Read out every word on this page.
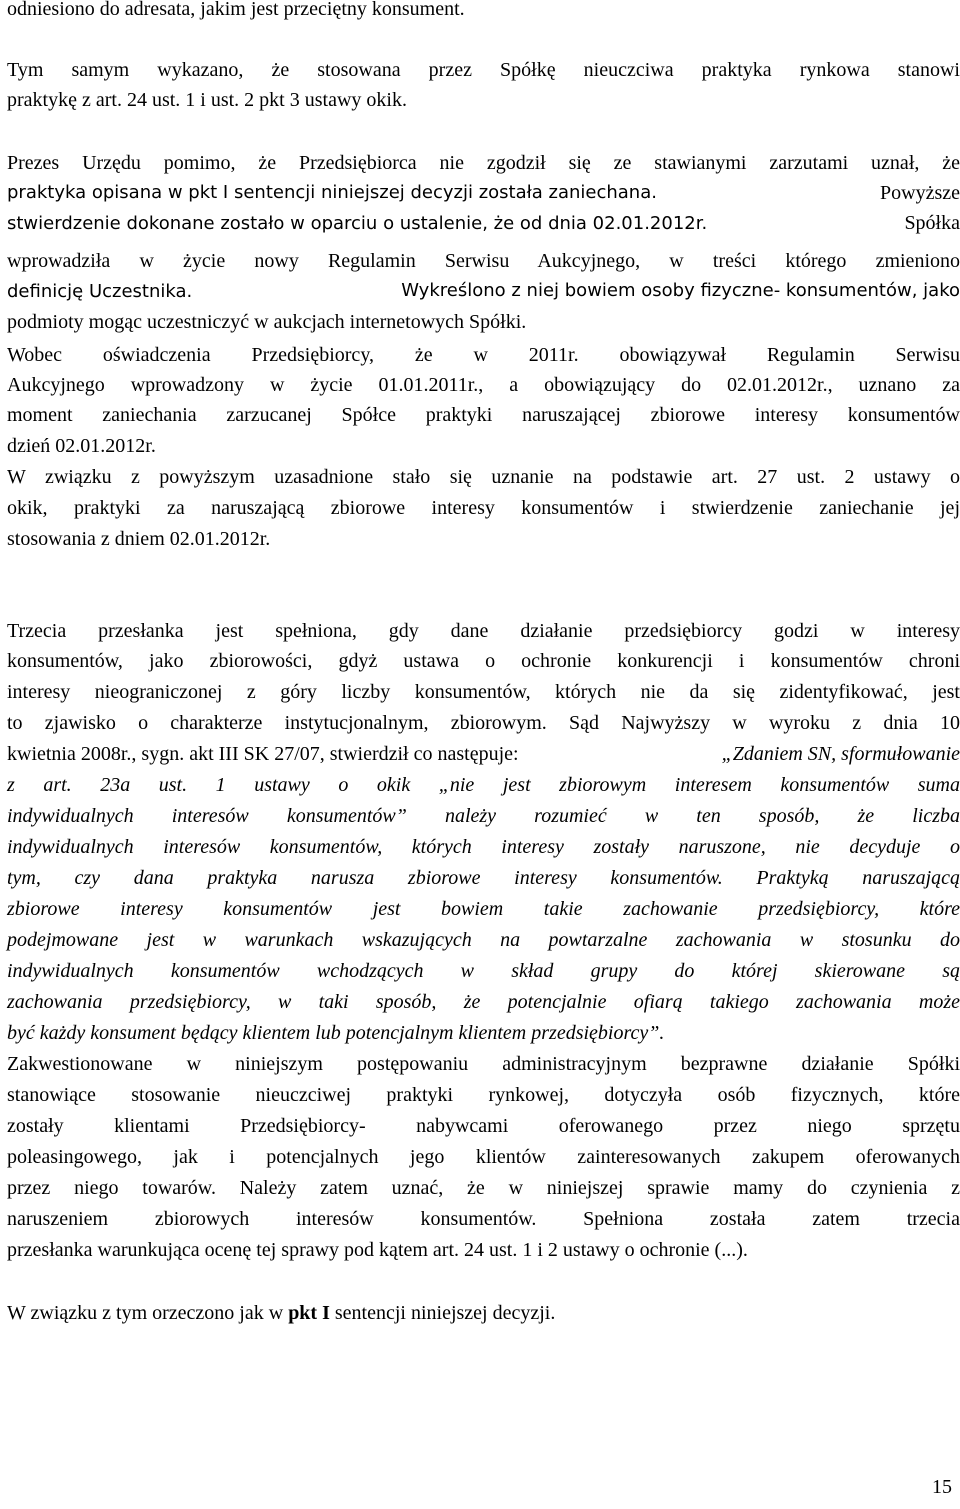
odniesiono do adresata, jakim jest przeciętny konsument.
Tym samym wykazano, że stosowana przez Spółkę nieuczciwa praktyka rynkowa stanowi
praktykę z art. 24 ust. 1 i ust. 2 pkt 3 ustawy okik.
Prezes Urzędu pomimo, że Przedsiębiorca nie zgodził się ze stawianymi zarzutami uznał, że
praktyka opisana w pkt I sentencji niniejszej decyzji została zaniechana.	Powyższe
stwierdzenie dokonane zostało w oparciu o ustalenie, że od dnia 02.01.2012r.	Spółka
wprowadziła w życie nowy Regulamin Serwisu Aukcyjnego, w treści którego zmieniono
definicję Uczestnika.	Wykreślono z niej bowiem osoby fizyczne- konsumentów, jako
podmioty mogąc uczestniczyć w aukcjach internetowych Spółki.
Wobec oświadczenia Przedsiębiorcy, że w 2011r. obowiązywał Regulamin Serwisu
Aukcyjnego wprowadzony w życie 01.01.2011r., a obowiązujący do 02.01.2012r., uznano za
moment zaniechania zarzucanej Spółce praktyki naruszającej zbiorowe interesy konsumentów
dzień 02.01.2012r.
W związku z powyższym uzasadnione stało się uznanie na podstawie art. 27 ust. 2 ustawy o
okik, praktyki za naruszającą zbiorowe interesy konsumentów i stwierdzenie zaniechanie jej
stosowania z dniem 02.01.2012r.
Trzecia przesłanka jest spełniona, gdy dane działanie przedsiębiorcy godzi w interesy
konsumentów, jako zbiorowości, gdyż ustawa o ochronie konkurencji i konsumentów chroni
interesy nieograniczonej z góry liczby konsumentów, których nie da się zidentyfikować, jest
to zjawisko o charakterze instytucjonalnym, zbiorowym. Sąd Najwyższy w wyroku z dnia 10
kwietnia 2008r., sygn. akt III SK 27/07, stwierdził co następuje:	„Zdaniem SN, sformułowanie
z art. 23a ust. 1 ustawy o okik „nie jest zbiorowym interesem konsumentów suma
indywidualnych interesów konsumentów” należy rozumieć w ten sposób, że liczba
indywidualnych interesów konsumentów, których interesy zostały naruszone, nie decyduje o
tym, czy dana praktyka narusza zbiorowe interesy konsumentów. Praktyką naruszającą
zbiorowe interesy konsumentów jest bowiem takie zachowanie przedsiębiorcy, które
podejmowane jest w warunkach wskazujących na powtarzalne zachowania w stosunku do
indywidualnych konsumentów wchodzących w skład grupy do której skierowane są
zachowania przedsiębiorcy, w taki sposób, że potencjalnie ofiarą takiego zachowania może
być każdy konsument będący klientem lub potencjalnym klientem przedsiębiorcy”.
Zakwestionowane w niniejszym postępowaniu administracyjnym bezprawne działanie Spółki
stanowiące stosowanie nieuczciwej praktyki rynkowej, dotyczyła osób fizycznych, które
zostały klientami Przedsiębiorcy- nabywcami oferowanego przez niego sprzętu
poleasingowego, jak i potencjalnych jego klientów zainteresowanych zakupem oferowanych
przez niego towarów. Należy zatem uznać, że w niniejszej sprawie mamy do czynienia z
naruszeniem zbiorowych interesów konsumentów. Spełniona została zatem trzecia
przesłanka warunkująca ocenę tej sprawy pod kątem art. 24 ust. 1 i 2 ustawy o ochronie (...).
W związku z tym orzeczono jak w pkt I sentencji niniejszej decyzji.
15
